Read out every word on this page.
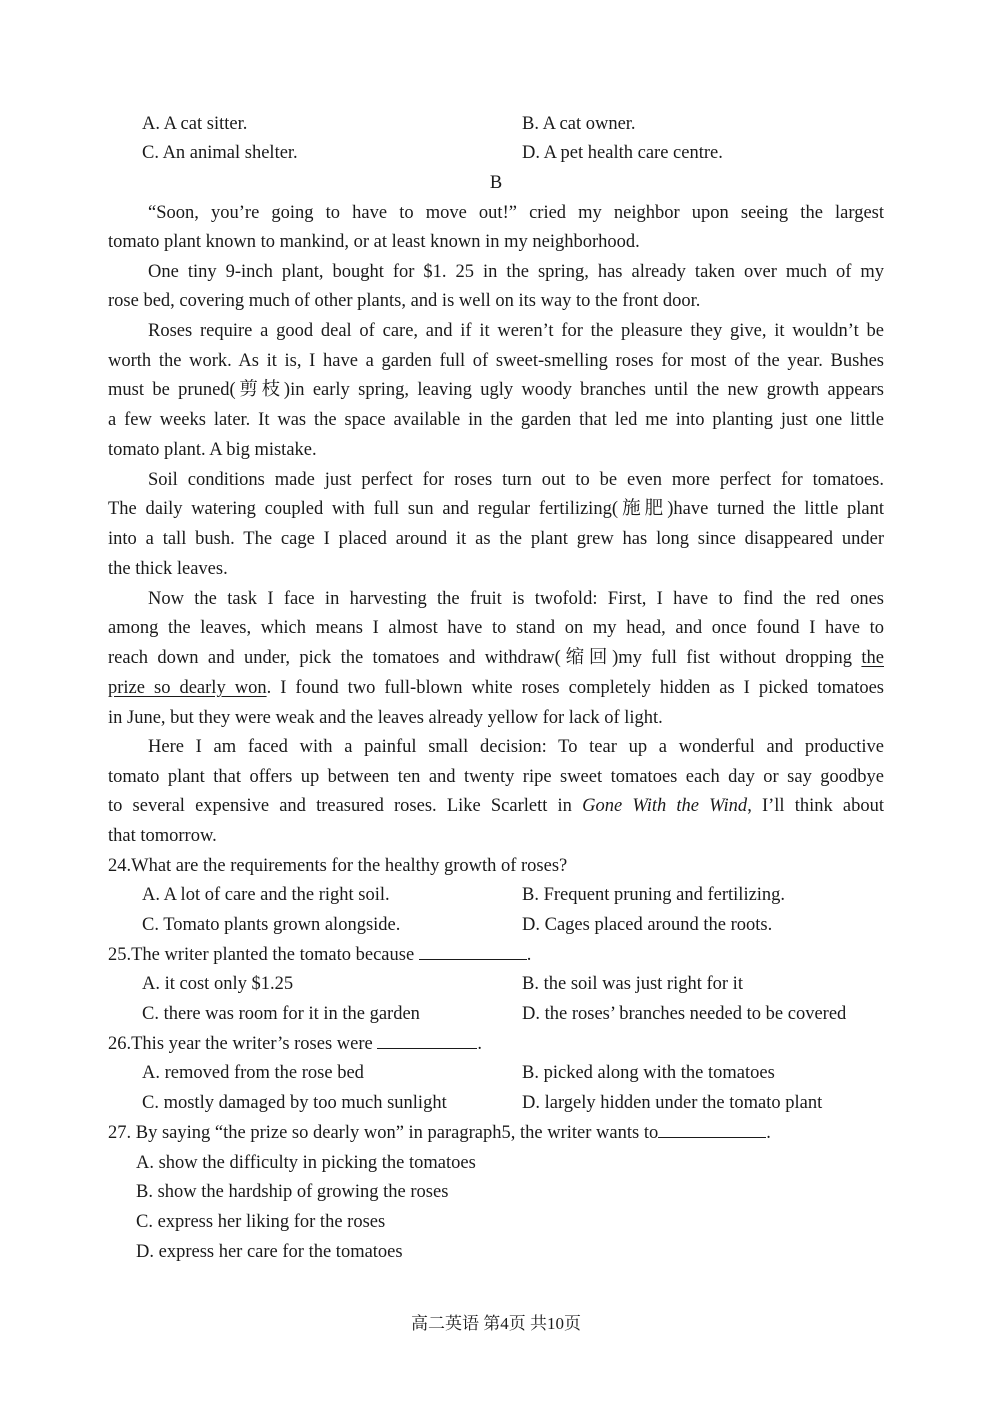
A. A cat sitter.	B. A cat owner.
C. An animal shelter.	D. A pet health care centre.
B
“Soon, you’re going to have to move out!” cried my neighbor upon seeing the largest
tomato plant known to mankind, or at least known in my neighborhood.
One tiny 9-inch plant, bought for $1. 25 in the spring, has already taken over much of my
rose bed, covering much of other plants, and is well on its way to the front door.
Roses require a good deal of care, and if it weren’t for the pleasure they give, it wouldn’t be
worth the work. As it is, I have a garden full of sweet-smelling roses for most of the year. Bushes
must be pruned(剪枝)in early spring, leaving ugly woody branches until the new growth appears
a few weeks later. It was the space available in the garden that led me into planting just one little
tomato plant. A big mistake.
Soil conditions made just perfect for roses turn out to be even more perfect for tomatoes.
The daily watering coupled with full sun and regular fertilizing(施肥)have turned the little plant
into a tall bush. The cage I placed around it as the plant grew has long since disappeared under
the thick leaves.
Now the task I face in harvesting the fruit is twofold: First, I have to find the red ones
among the leaves, which means I almost have to stand on my head, and once found I have to
reach down and under, pick the tomatoes and withdraw(缩回)my full fist without dropping the
prize so dearly won. I found two full-blown white roses completely hidden as I picked tomatoes
in June, but they were weak and the leaves already yellow for lack of light.
Here I am faced with a painful small decision: To tear up a wonderful and productive
tomato plant that offers up between ten and twenty ripe sweet tomatoes each day or say goodbye
to several expensive and treasured roses. Like Scarlett in Gone With the Wind, I’ll think about
that tomorrow.
24.What are the requirements for the healthy growth of roses?
A. A lot of care and the right soil.	B. Frequent pruning and fertilizing.
C. Tomato plants grown alongside.	D. Cages placed around the roots.
25.The writer planted the tomato because	.
A. it cost only $1.25	B. the soil was just right for it
C. there was room for it in the garden	D. the roses’ branches needed to be covered
26.This year the writer’s roses were	.
A. removed from the rose bed	B. picked along with the tomatoes
C. mostly damaged by too much sunlight	D. largely hidden under the tomato plant
27. By saying “the prize so dearly won” in paragraph5, the writer wants to	.
A. show the difficulty in picking the tomatoes
B. show the hardship of growing the roses
C. express her liking for the roses
D. express her care for the tomatoes
高二英语 第4页 共10页
